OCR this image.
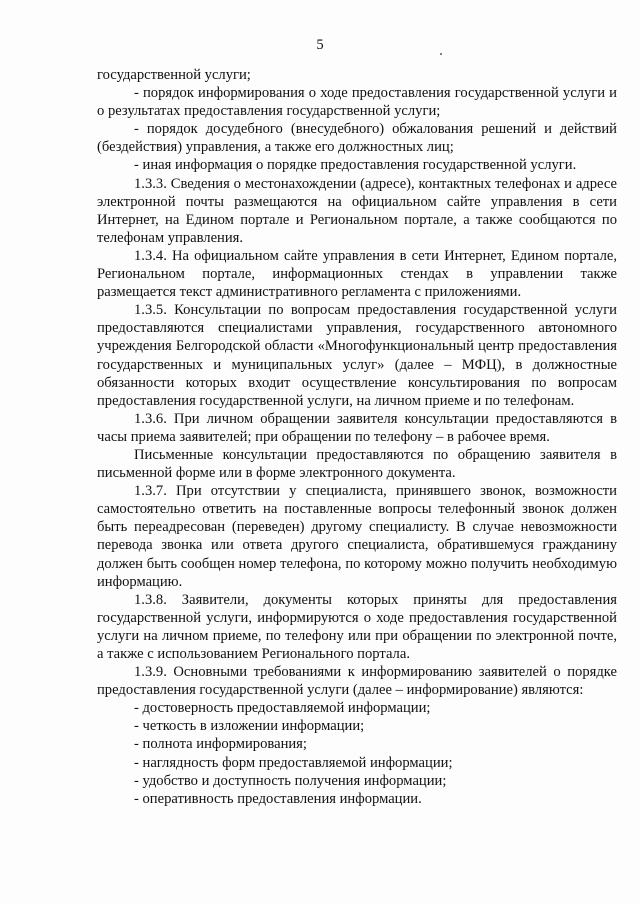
5

государственной услуги;

- порядок информирования о ходе предоставления государственной услуги и о результатах предоставления государственной услуги;

- порядок досудебного (внесудебного) обжалования решений и действий (бездействия) управления, а также его должностных лиц;

- иная информация о порядке предоставления государственной услуги.

1.3.3. Сведения о местонахождении (адресе), контактных телефонах и адресе электронной почты размещаются на официальном сайте управления в сети Интернет, на Едином портале и Региональном портале, а также сообщаются по телефонам управления.

1.3.4. На официальном сайте управления в сети Интернет, Едином портале, Региональном портале, информационных стендах в управлении также размещается текст административного регламента с приложениями.

1.3.5. Консультации по вопросам предоставления государственной услуги предоставляются специалистами управления, государственного автономного учреждения Белгородской области «Многофункциональный центр предоставления государственных и муниципальных услуг» (далее – МФЦ), в должностные обязанности которых входит осуществление консультирования по вопросам предоставления государственной услуги, на личном приеме и по телефонам.

1.3.6. При личном обращении заявителя консультации предоставляются в часы приема заявителей; при обращении по телефону – в рабочее время.

Письменные консультации предоставляются по обращению заявителя в письменной форме или в форме электронного документа.

1.3.7. При отсутствии у специалиста, принявшего звонок, возможности самостоятельно ответить на поставленные вопросы телефонный звонок должен быть переадресован (переведен) другому специалисту. В случае невозможности перевода звонка или ответа другого специалиста, обратившемуся гражданину должен быть сообщен номер телефона, по которому можно получить необходимую информацию.

1.3.8. Заявители, документы которых приняты для предоставления государственной услуги, информируются о ходе предоставления государственной услуги на личном приеме, по телефону или при обращении по электронной почте, а также с использованием Регионального портала.

1.3.9. Основными требованиями к информированию заявителей о порядке предоставления государственной услуги (далее – информирование) являются:

- достоверность предоставляемой информации;

- четкость в изложении информации;

- полнота информирования;

- наглядность форм предоставляемой информации;

- удобство и доступность получения информации;

- оперативность предоставления информации.
